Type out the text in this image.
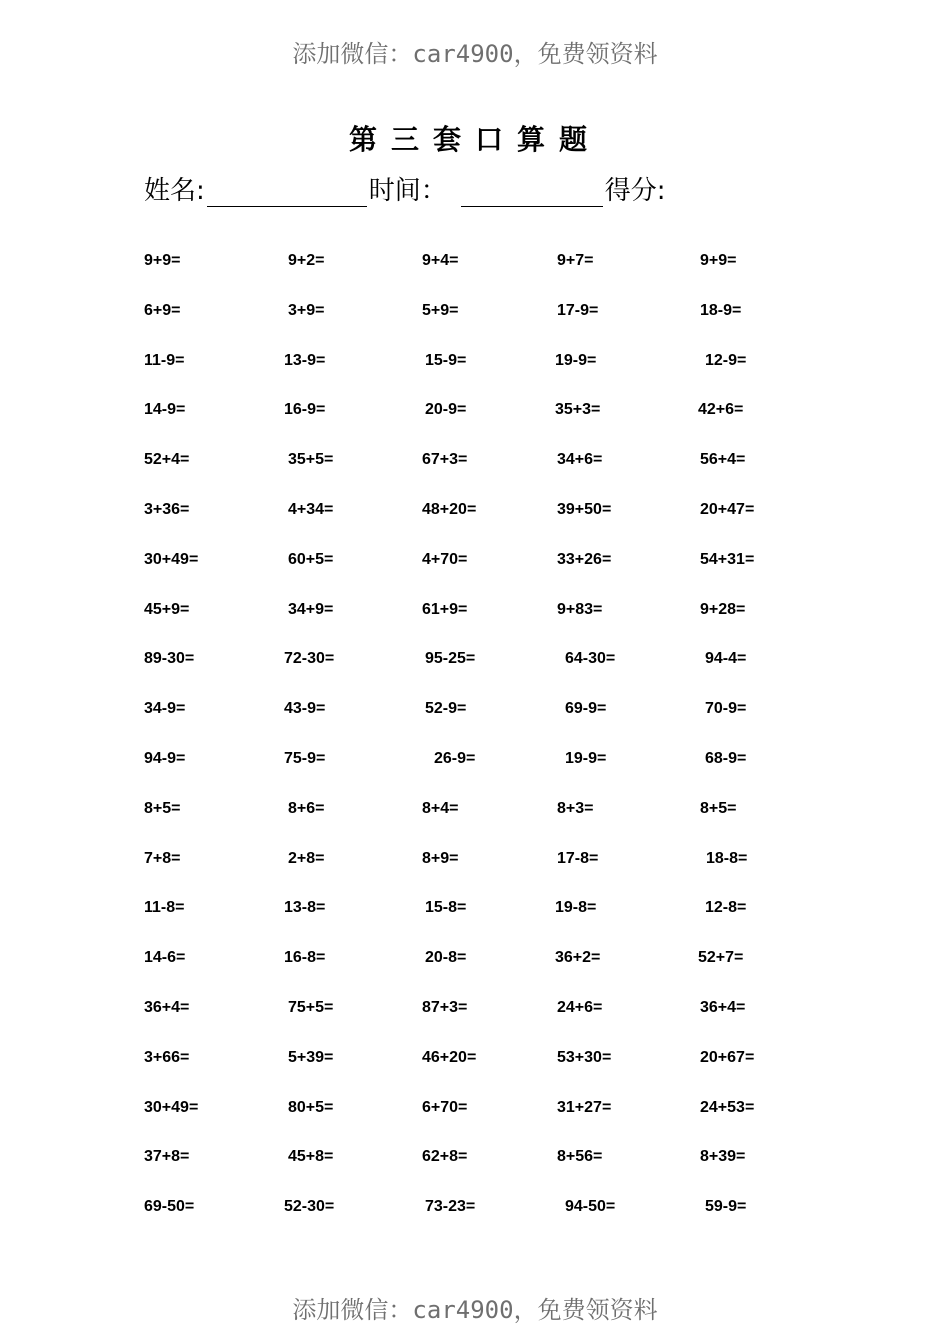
添加微信：car4900，免费领资料
第三套口算题
姓名:	时间：	得分:
9+9=	9+2=	9+4=	9+7=	9+9=
6+9=	3+9=	5+9=	17-9=	18-9=
11-9=	13-9=	15-9=	19-9=	12-9=
14-9=	16-9=	20-9=	35+3=	42+6=
52+4=	35+5=	67+3=	34+6=	56+4=
3+36=	4+34=	48+20=	39+50=	20+47=
30+49=	60+5=	4+70=	33+26=	54+31=
45+9=	34+9=	61+9=	9+83=	9+28=
89-30=	72-30=	95-25=	64-30=	94-4=
34-9=	43-9=	52-9=	69-9=	70-9=
94-9=	75-9=	26-9=	19-9=	68-9=
8+5=	8+6=	8+4=	8+3=	8+5=
7+8=	2+8=	8+9=	17-8=	18-8=
11-8=	13-8=	15-8=	19-8=	12-8=
14-6=	16-8=	20-8=	36+2=	52+7=
36+4=	75+5=	87+3=	24+6=	36+4=
3+66=	5+39=	46+20=	53+30=	20+67=
30+49=	80+5=	6+70=	31+27=	24+53=
37+8=	45+8=	62+8=	8+56=	8+39=
69-50=	52-30=	73-23=	94-50=	59-9=
添加微信：car4900，免费领资料
